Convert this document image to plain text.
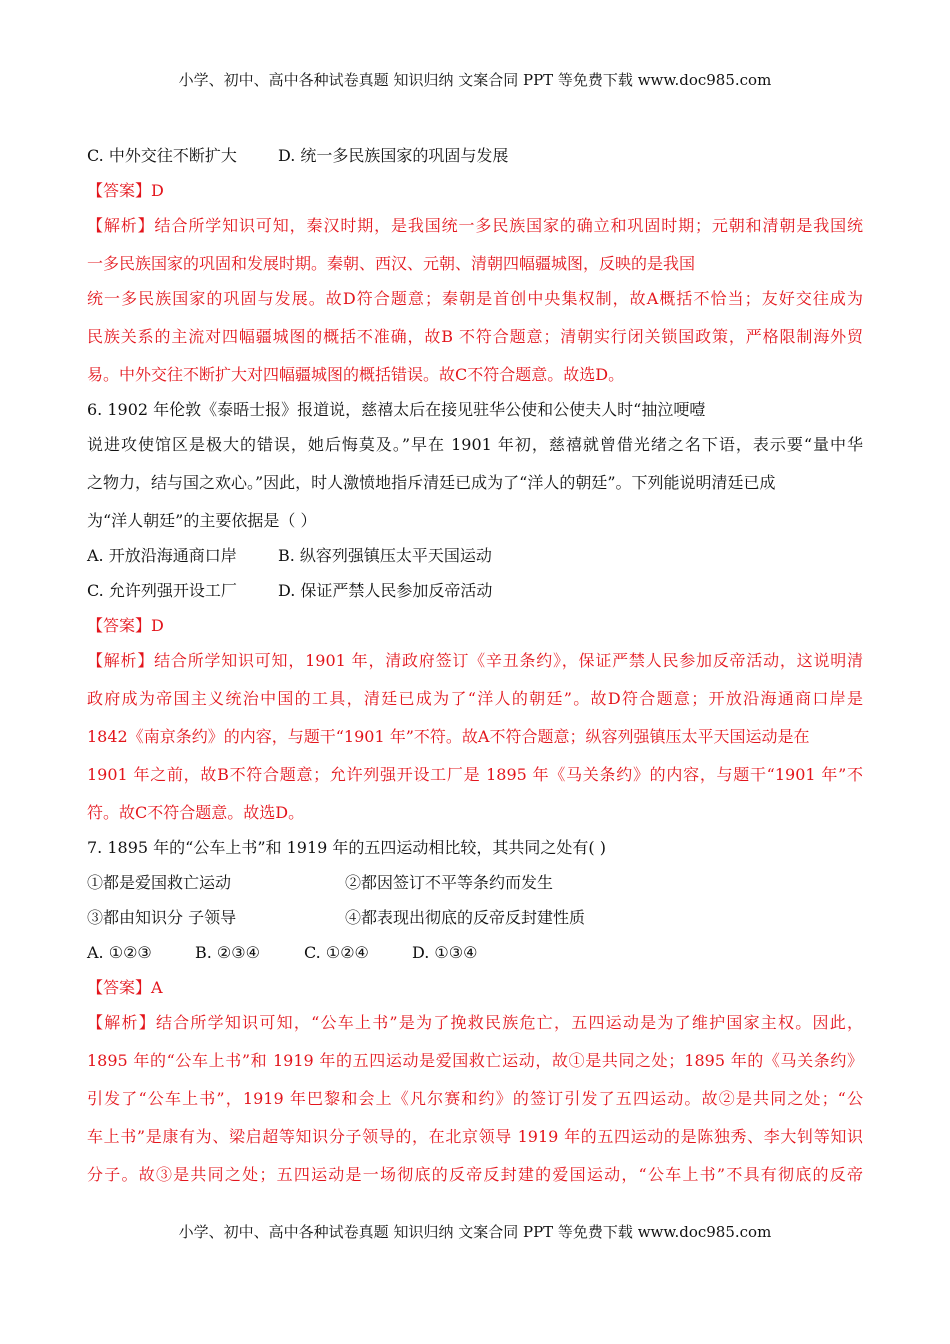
小学、初中、高中各种试卷真题 知识归纳 文案合同 PPT 等免费下载 www.doc985.com
C. 中外交往不断扩大	D. 统一多民族国家的巩固与发展
【答案】D
【解析】结合所学知识可知，秦汉时期，是我国统一多民族国家的确立和巩固时期；元朝和清朝是我国统
一多民族国家的巩固和发展时期。秦朝、西汉、元朝、清朝四幅疆城图，反映的是我国
统一多民族国家的巩固与发展。故D符合题意；秦朝是首创中央集权制，故A概括不恰当；友好交往成为
民族关系的主流对四幅疆城图的概括不准确，故B 不符合题意；清朝实行闭关锁国政策，严格限制海外贸
易。中外交往不断扩大对四幅疆城图的概括错误。故C不符合题意。故选D。
6. 1902 年伦敦《泰晤士报》报道说，慈禧太后在接见驻华公使和公使夫人时“抽泣哽噎
说进攻使馆区是极大的错误，她后悔莫及。”早在 1901 年初，慈禧就曾借光绪之名下语，表示要“量中华
之物力，结与国之欢心。”因此，时人激愤地指斥清廷已成为了“洋人的朝廷”。下列能说明清廷已成
为“洋人朝廷”的主要依据是（ ）
A. 开放沿海通商口岸	B. 纵容列强镇压太平天国运动
C. 允许列强开设工厂	D. 保证严禁人民参加反帝活动
【答案】D
【解析】结合所学知识可知，1901 年，清政府签订《辛丑条约》，保证严禁人民参加反帝活动，这说明清
政府成为帝国主义统治中国的工具，清廷已成为了“洋人的朝廷”。故D符合题意；开放沿海通商口岸是
1842《南京条约》的内容，与题干“1901 年”不符。故A不符合题意；纵容列强镇压太平天国运动是在
1901 年之前，故B不符合题意；允许列强开设工厂是 1895 年《马关条约》的内容，与题干“1901 年”不
符。故C不符合题意。故选D。
7. 1895 年的“公车上书”和 1919 年的五四运动相比较，其共同之处有( )
①都是爱国救亡运动	②都因签订不平等条约而发生
③都由知识分 子领导	④都表现出彻底的反帝反封建性质
A. ①②③	B. ②③④	C. ①②④	D. ①③④
【答案】A
【解析】结合所学知识可知，“公车上书”是为了挽救民族危亡，五四运动是为了维护国家主权。因此，
1895 年的“公车上书”和 1919 年的五四运动是爱国救亡运动，故①是共同之处；1895 年的《马关条约》
引发了“公车上书”，1919 年巴黎和会上《凡尔赛和约》的签订引发了五四运动。故②是共同之处；“公
车上书”是康有为、梁启超等知识分子领导的，在北京领导 1919 年的五四运动的是陈独秀、李大钊等知识
分子。故③是共同之处；五四运动是一场彻底的反帝反封建的爱国运动，“公车上书”不具有彻底的反帝
小学、初中、高中各种试卷真题 知识归纳 文案合同 PPT 等免费下载 www.doc985.com
